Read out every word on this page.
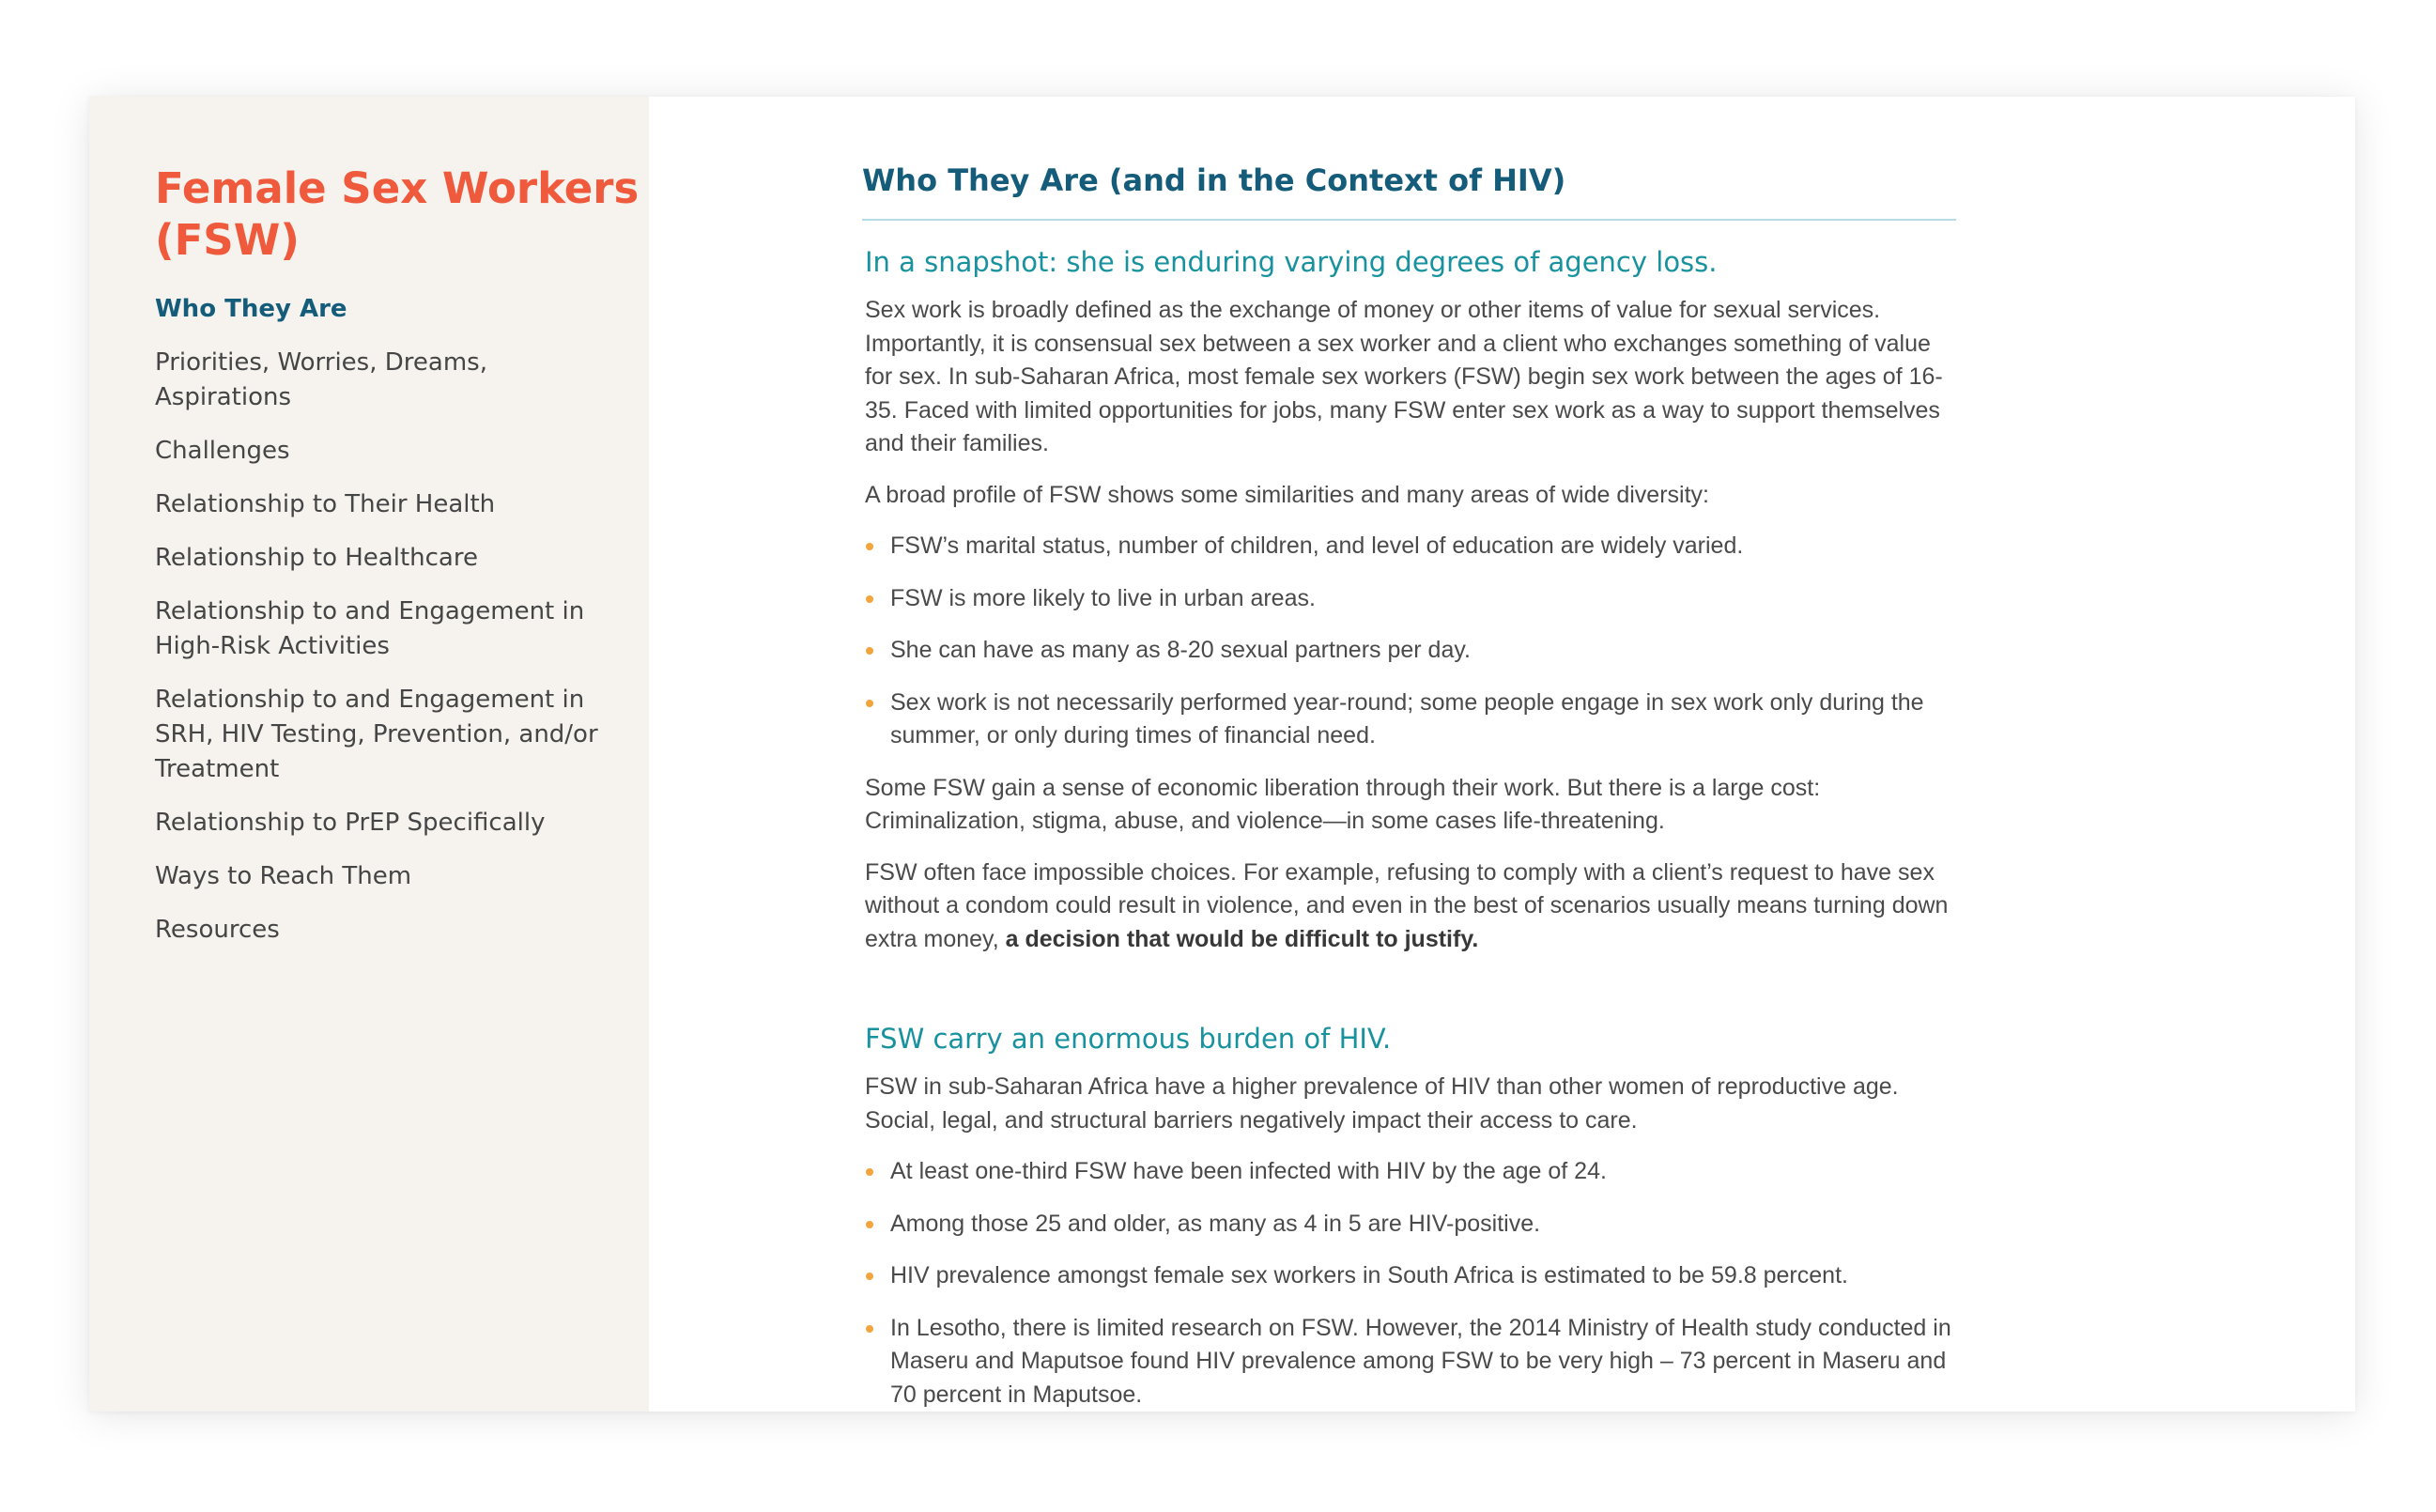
Female Sex Workers (FSW)
Who They Are
Priorities, Worries, Dreams, Aspirations
Challenges
Relationship to Their Health
Relationship to Healthcare
Relationship to and Engagement in High-Risk Activities
Relationship to and Engagement in SRH, HIV Testing, Prevention, and/or Treatment
Relationship to PrEP Specifically
Ways to Reach Them
Resources
Who They Are (and in the Context of HIV)
In a snapshot: she is enduring varying degrees of agency loss.

Sex work is broadly defined as the exchange of money or other items of value for sexual services. Importantly, it is consensual sex between a sex worker and a client who exchanges something of value for sex. In sub-Saharan Africa, most female sex workers (FSW) begin sex work between the ages of 16-35. Faced with limited opportunities for jobs, many FSW enter sex work as a way to support themselves and their families.

A broad profile of FSW shows some similarities and many areas of wide diversity:

FSW’s marital status, number of children, and level of education are widely varied.
FSW is more likely to live in urban areas.
She can have as many as 8-20 sexual partners per day.
Sex work is not necessarily performed year-round; some people engage in sex work only during the summer, or only during times of financial need.

Some FSW gain a sense of economic liberation through their work. But there is a large cost: Criminalization, stigma, abuse, and violence—in some cases life-threatening.

FSW often face impossible choices. For example, refusing to comply with a client’s request to have sex without a condom could result in violence, and even in the best of scenarios usually means turning down extra money, a decision that would be difficult to justify.

FSW carry an enormous burden of HIV.

FSW in sub-Saharan Africa have a higher prevalence of HIV than other women of reproductive age. Social, legal, and structural barriers negatively impact their access to care.

At least one-third FSW have been infected with HIV by the age of 24.
Among those 25 and older, as many as 4 in 5 are HIV-positive.
HIV prevalence amongst female sex workers in South Africa is estimated to be 59.8 percent.
In Lesotho, there is limited research on FSW. However, the 2014 Ministry of Health study conducted in Maseru and Maputsoe found HIV prevalence among FSW to be very high – 73 percent in Maseru and 70 percent in Maputsoe.
